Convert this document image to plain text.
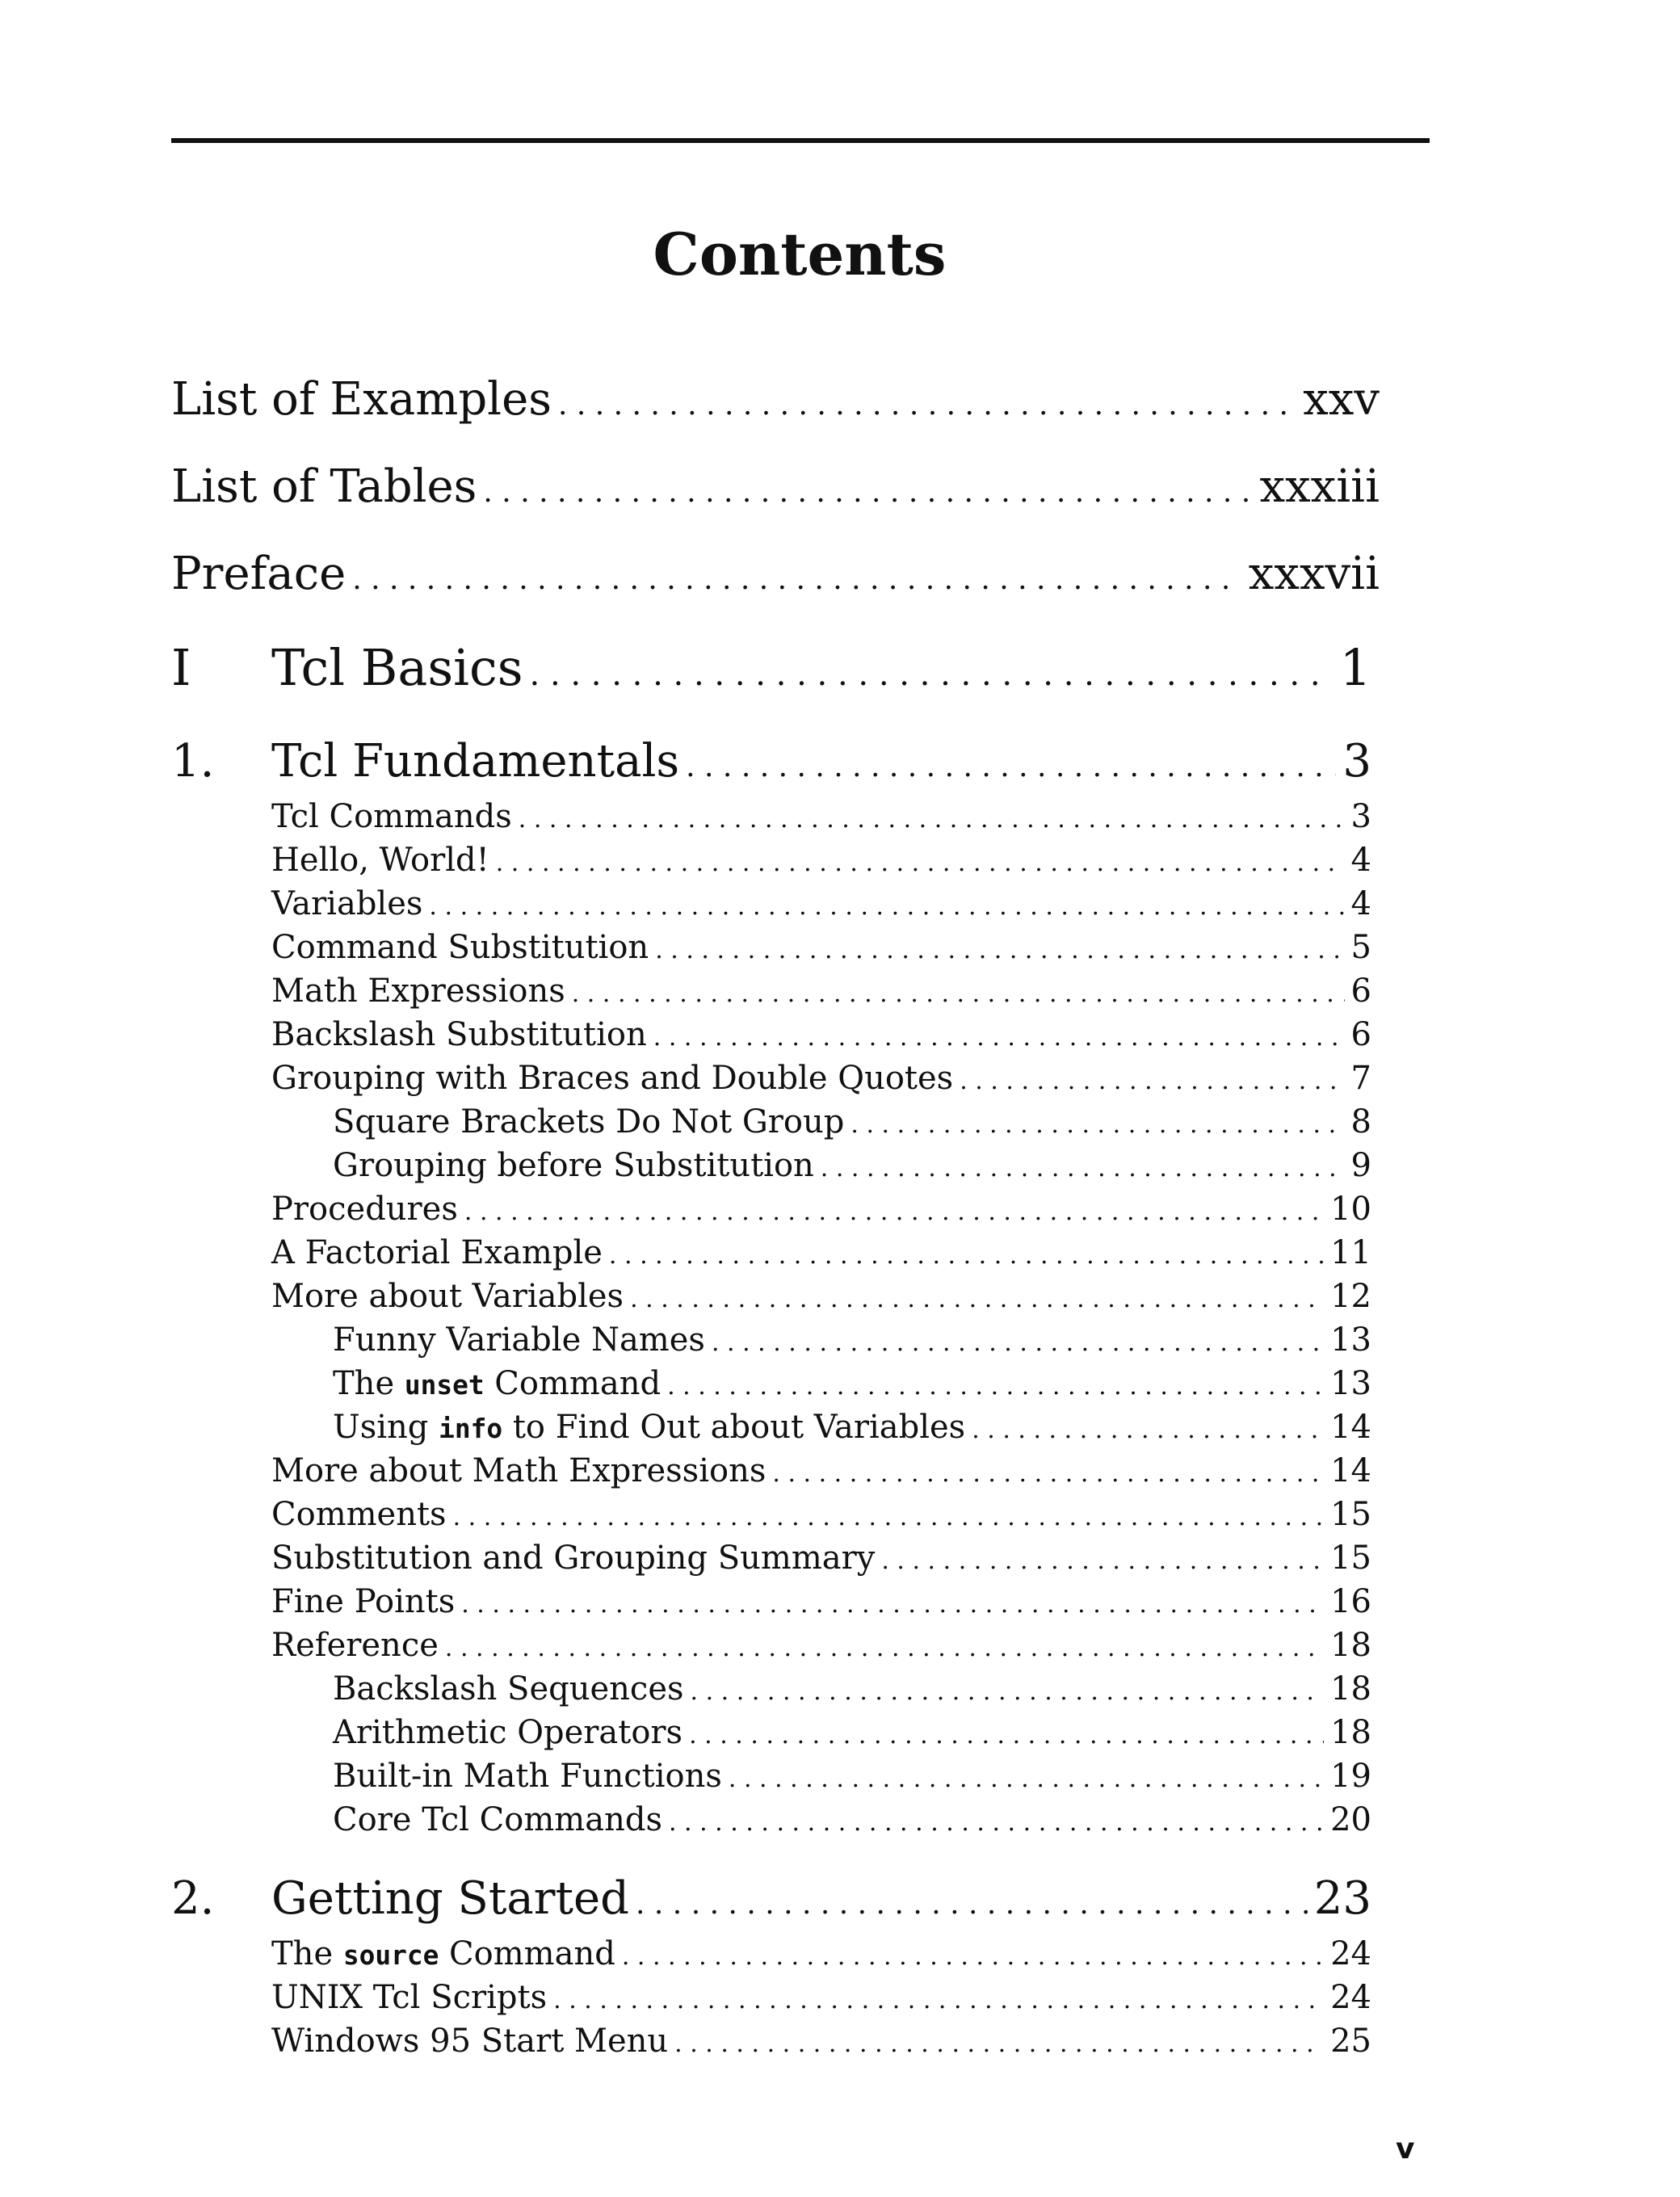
Contents
List of Examples . . .	xxv
List of Tables . . .	xxxiii
Preface . . .	xxxvii
I	Tcl Basics . . .	1
1.	Tcl Fundamentals . . .	3
Tcl Commands . . .	3
Hello, World! . . .	4
Variables . . .	4
Command Substitution . . .	5
Math Expressions . . .	6
Backslash Substitution . . .	6
Grouping with Braces and Double Quotes . . .	7
Square Brackets Do Not Group . . .	8
Grouping before Substitution . . .	9
Procedures . . .	10
A Factorial Example . . .	11
More about Variables . . .	12
Funny Variable Names . . .	13
The unset Command . . .	13
Using info to Find Out about Variables . . .	14
More about Math Expressions . . .	14
Comments . . .	15
Substitution and Grouping Summary . . .	15
Fine Points . . .	16
Reference . . .	18
Backslash Sequences . . .	18
Arithmetic Operators . . .	18
Built-in Math Functions . . .	19
Core Tcl Commands . . .	20
2.	Getting Started . . .	23
The source Command . . .	24
UNIX Tcl Scripts . . .	24
Windows 95 Start Menu . . .	25
v
